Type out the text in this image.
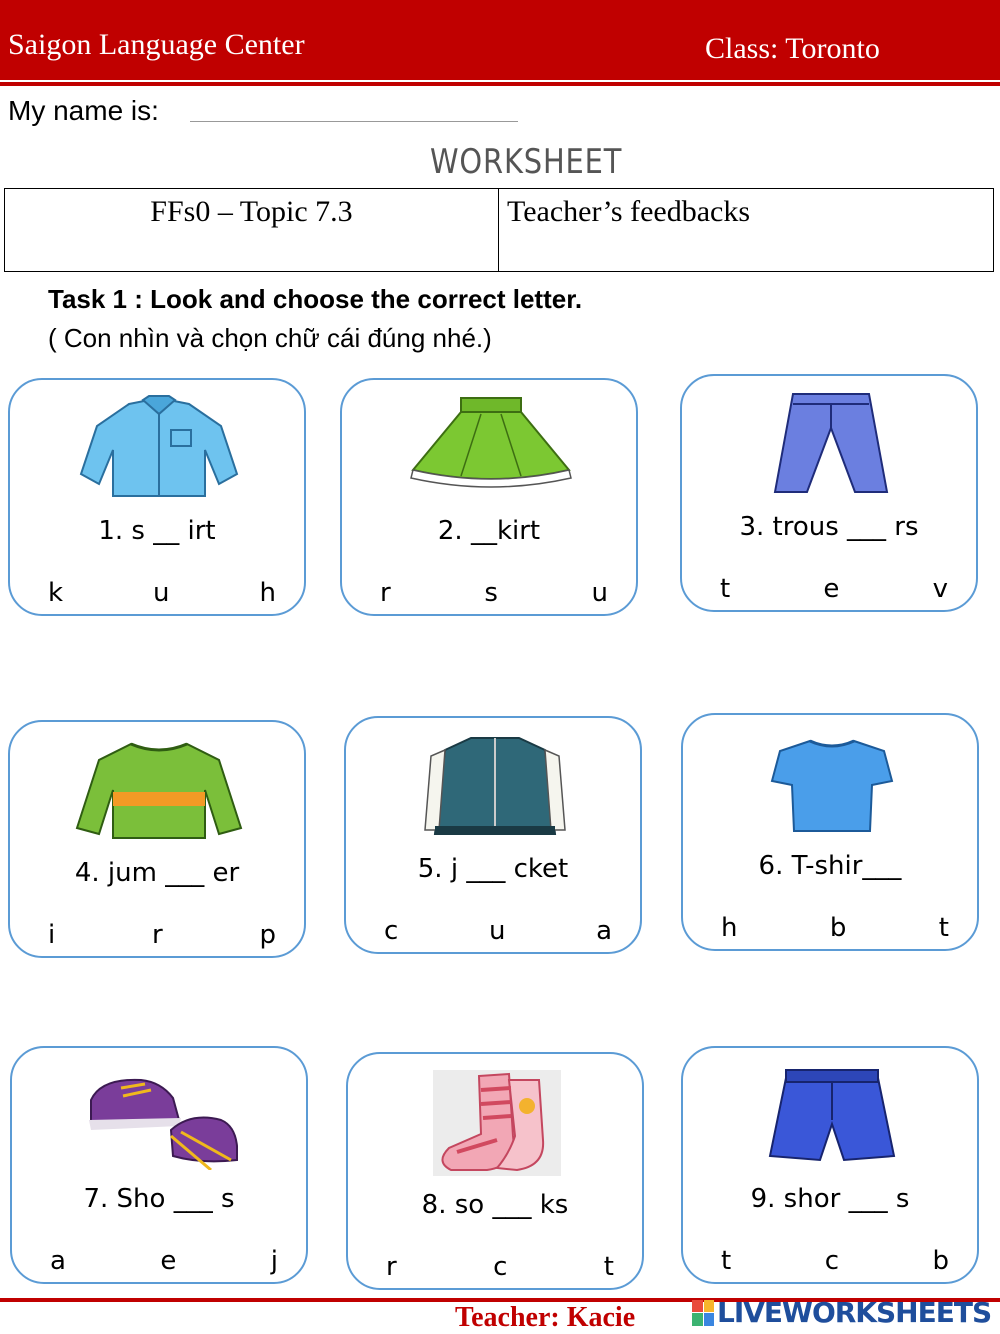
Saigon Language Center	Class: Toronto
My name is:
WORKSHEET
FFs0 – Topic 7.3	Teacher’s feedbacks
Task 1 : Look and choose the correct letter.
( Con nhìn và chọn chữ cái đúng nhé.)
1. s __ irt
k	u	h
2. __kirt
r	s	u
3. trous ___ rs
t	e	v
4. jum ___ er
i	r	p
5. j ___ cket
c	u	a
6. T-shir___
h	b	t
7. Sho ___ s
a	e	j
8. so ___ ks
r	c	t
9. shor ___ s
t	c	b
Teacher: Kacie	LIVEWORKSHEETS
